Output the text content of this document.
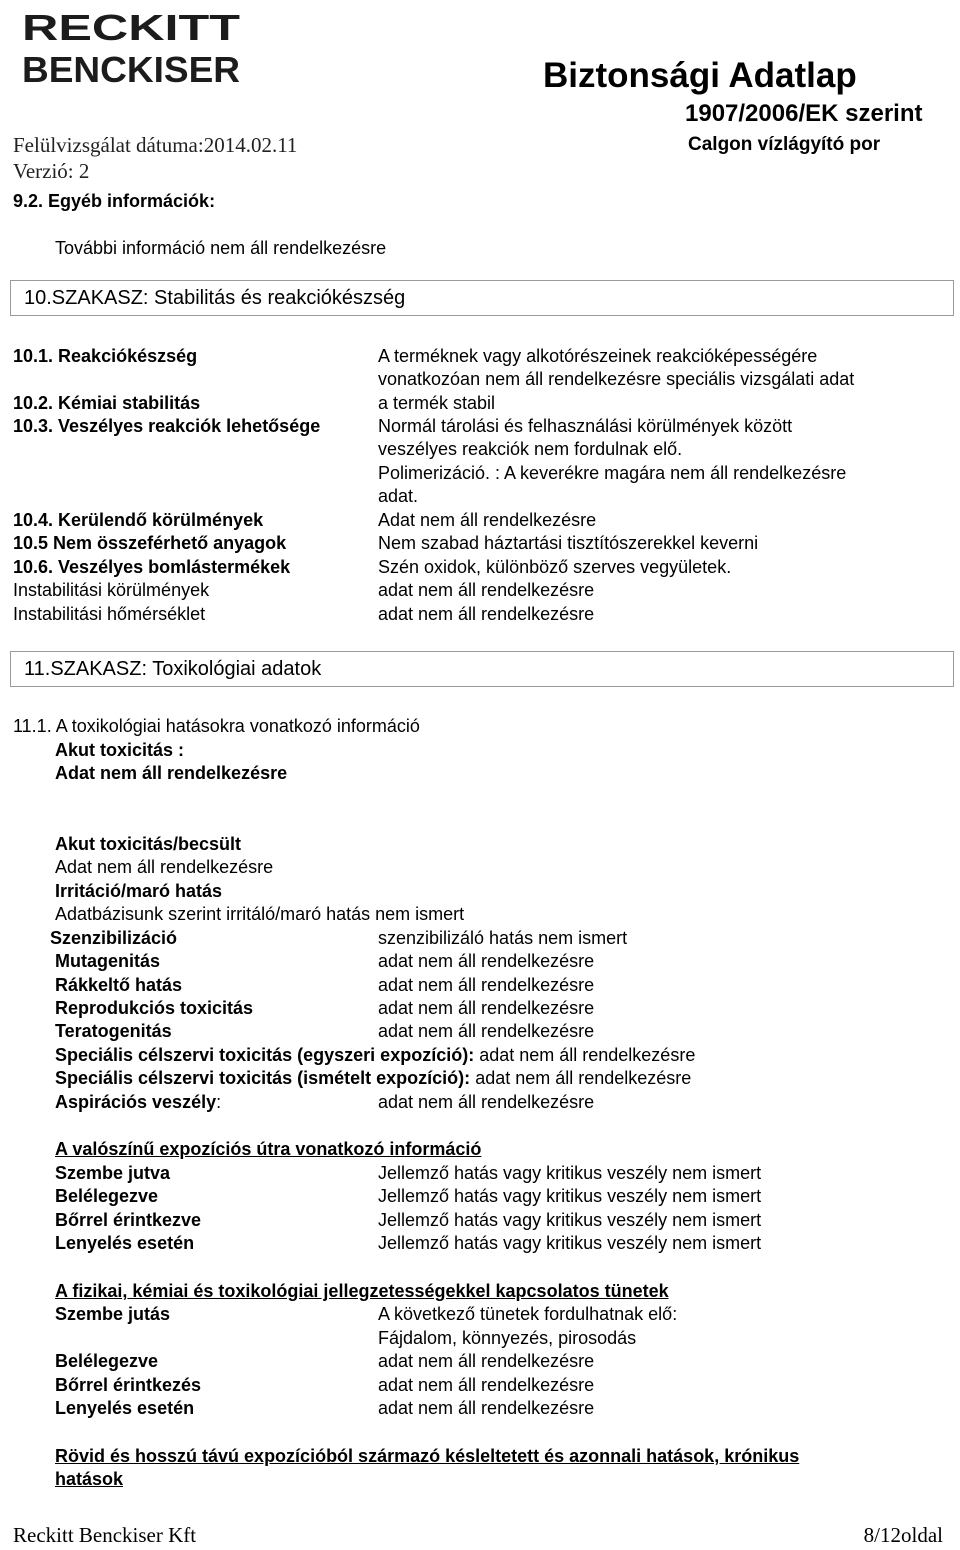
RECKITT
BENCKISER	Biztonsági Adatlap
1907/2006/EK szerint
Calgon vízlágyító por
Felülvizsgálat dátuma:2014.02.11
Verzió: 2
9.2. Egyéb információk:
További információ nem áll rendelkezésre
10.SZAKASZ: Stabilitás és reakciókészség
10.1. Reakciókészség	A terméknek vagy alkotórészeinek reakcióképességére
vonatkozóan nem áll rendelkezésre speciális vizsgálati adat
10.2. Kémiai stabilitás	a termék stabil
10.3. Veszélyes reakciók lehetősége	Normál tárolási és felhasználási körülmények között
veszélyes reakciók nem fordulnak elő.
Polimerizáció. : A keverékre magára nem áll rendelkezésre
adat.
10.4. Kerülendő körülmények	Adat nem áll rendelkezésre
10.5 Nem összeférhető anyagok	Nem szabad háztartási tisztítószerekkel keverni
10.6. Veszélyes bomlástermékek	Szén oxidok, különböző szerves vegyületek.
Instabilitási körülmények	adat nem áll rendelkezésre
Instabilitási hőmérséklet	adat nem áll rendelkezésre
11.SZAKASZ: Toxikológiai adatok
11.1. A toxikológiai hatásokra vonatkozó információ
Akut toxicitás :
Adat nem áll rendelkezésre
Akut toxicitás/becsült
Adat nem áll rendelkezésre
Irritáció/maró hatás
Adatbázisunk szerint irritáló/maró hatás nem ismert
Szenzibilizáció	szenzibilizáló hatás nem ismert
Mutagenitás	adat nem áll rendelkezésre
Rákkeltő hatás	adat nem áll rendelkezésre
Reprodukciós toxicitás	adat nem áll rendelkezésre
Teratogenitás	adat nem áll rendelkezésre
Speciális célszervi toxicitás (egyszeri expozíció): adat nem áll rendelkezésre
Speciális célszervi toxicitás (ismételt expozíció): adat nem áll rendelkezésre
Aspirációs veszély:	adat nem áll rendelkezésre
A valószínű expozíciós útra vonatkozó információ
Szembe jutva	Jellemző hatás vagy kritikus veszély nem ismert
Belélegezve	Jellemző hatás vagy kritikus veszély nem ismert
Bőrrel érintkezve	Jellemző hatás vagy kritikus veszély nem ismert
Lenyelés esetén	Jellemző hatás vagy kritikus veszély nem ismert
A fizikai, kémiai és toxikológiai jellegzetességekkel kapcsolatos tünetek
Szembe jutás	A következő tünetek fordulhatnak elő:
Fájdalom, könnyezés, pirosodás
Belélegezve	adat nem áll rendelkezésre
Bőrrel érintkezés	adat nem áll rendelkezésre
Lenyelés esetén	adat nem áll rendelkezésre
Rövid és hosszú távú expozícióból származó késleltetett és azonnali hatások, krónikus
hatások
Reckitt Benckiser Kft	8/12oldal
